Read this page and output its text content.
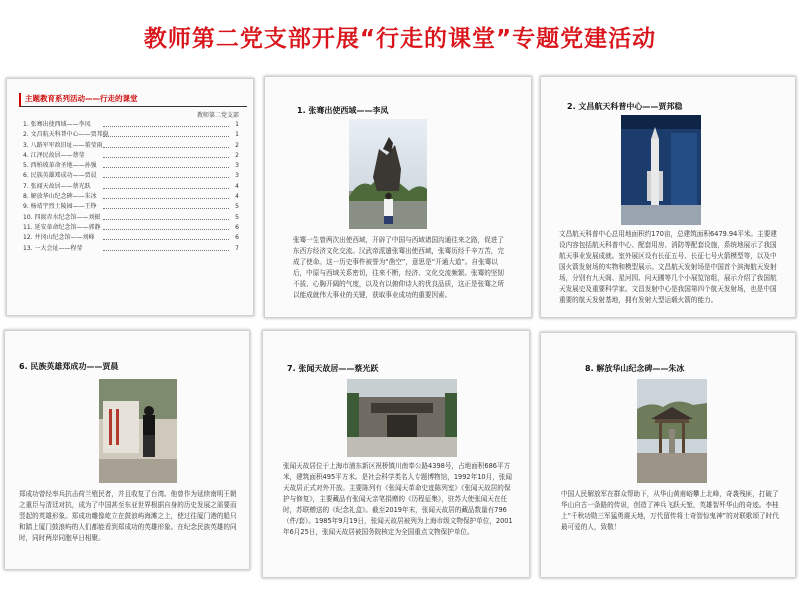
教师第二党支部开展“行走的课堂”专题党建活动
主题教育系列活动——行走的课堂
教师第二党支部
1. 张骞出使西域——李凤	1
2. 文昌航天科普中心——贾邦稳	1
3. 八路军军政旧址——董莹雨	2
4. 江泽民故居——蔡莹	2
5. 西柏坡革命圣地——孙强	3
6. 民族英雄郑成功——贾晨	3
7. 张闻天故居——蔡光跃	4
8. 解放华山纪念碑——朱冰	4
9. 杨靖宇烈士陵园——王铮	5
10. 四渡赤水纪念馆——刘振	5
11. 延安革命纪念馆——郭静	6
12. 井冈山纪念馆——刘峰	6
13. 一大会址——程莹	7
1. 张骞出使西域——李凤
张骞一生曾两次出使西域，开辟了中国与西域诸国沟通往来之路，促进了东西方经济文化交流。汉武帝派遣张骞出使西域，张骞历经千辛万苦，完成了使命。这一历史事件被誉为“凿空”，意思是“开通大道”。自张骞以后，中原与西域关系密切，往来不断，经济、文化交流频繁。张骞的坚韧不拔、心胸开阔的气度，以及有以俯仰诗人的优良品质，这正是张骞之所以能成就伟大事业的关键，获取事业成功的重要因素。
2. 文昌航天科普中心——贾邦稳
文昌航天科普中心总用地面积约170亩，总建筑面积6479.94平米。主要建设内容包括航天科普中心、配套用房、消防等配套设施，系统地展示了我国航天事业发展成就。室外展区设有长征五号、长征七号火箭模型等，以及中国火箭发射场的实物和模型展示。文昌航天发射场是中国首个滨海航天发射场，分别有九天阁、星河园、问天圃等几个小展览馆组，展示介绍了我国航天发展史及重要科学家。文昌发射中心是我国第四个航天发射场，也是中国重要的航天发射基地，拥有发射大型运载火箭的能力。
6. 民族英雄郑成功——贾晨
郑成功曾经率兵抗击荷兰殖民者，并且收复了台湾。他曾作为延续南明王朝之重臣与清廷对抗，成为了中国甚至东亚世界根据自身的历史发展之需要而竖起的英雄形象。郑成功雕像屹立在鼓浪屿海滩之上，使过往厦门港的船只和踏上厦门鼓浪屿的人们都能看到郑成功的英雄形象。在纪念民族英雄的同时，同时两岸同胞早日相聚。
7. 张闻天故居——蔡光跃
张闻天故居位于上海市浦东新区祝桥镇川南奉公路4398号，占地面积686平方米，建筑面积495平方米。是社会科学类名人专题博物馆，1992年10月，张闻天故居正式对外开放。主要陈列有《张闻天革命史迹陈列室》《张闻天故居的保护与修复》，主要藏品有张闻天亲笔捐赠的《历程征集》，驻苏大使张闻天在任时，苏联赠送的《纪念礼盒》。截至2019年末，张闻天故居的藏品数量有796（件/套）。1985年9月19日，张闻天故居被列为上海市级文物保护单位，2001年6月25日，张闻天故居被国务院核定为全国重点文物保护单位。
8. 解放华山纪念碑——朱冰
中国人民解放军在群众帮助下，从华山黄甫峪攀上北峰，奇袭残匪，打破了华山自古一条路的传说，创造了神兵飞跃天堑，英雄智歼华山的奇迹。李桂上“千秋功勋三军猛勇震天地，万代留传将士奇智惊鬼神”的对联歌颂了时代最可爱的人，致敬！
